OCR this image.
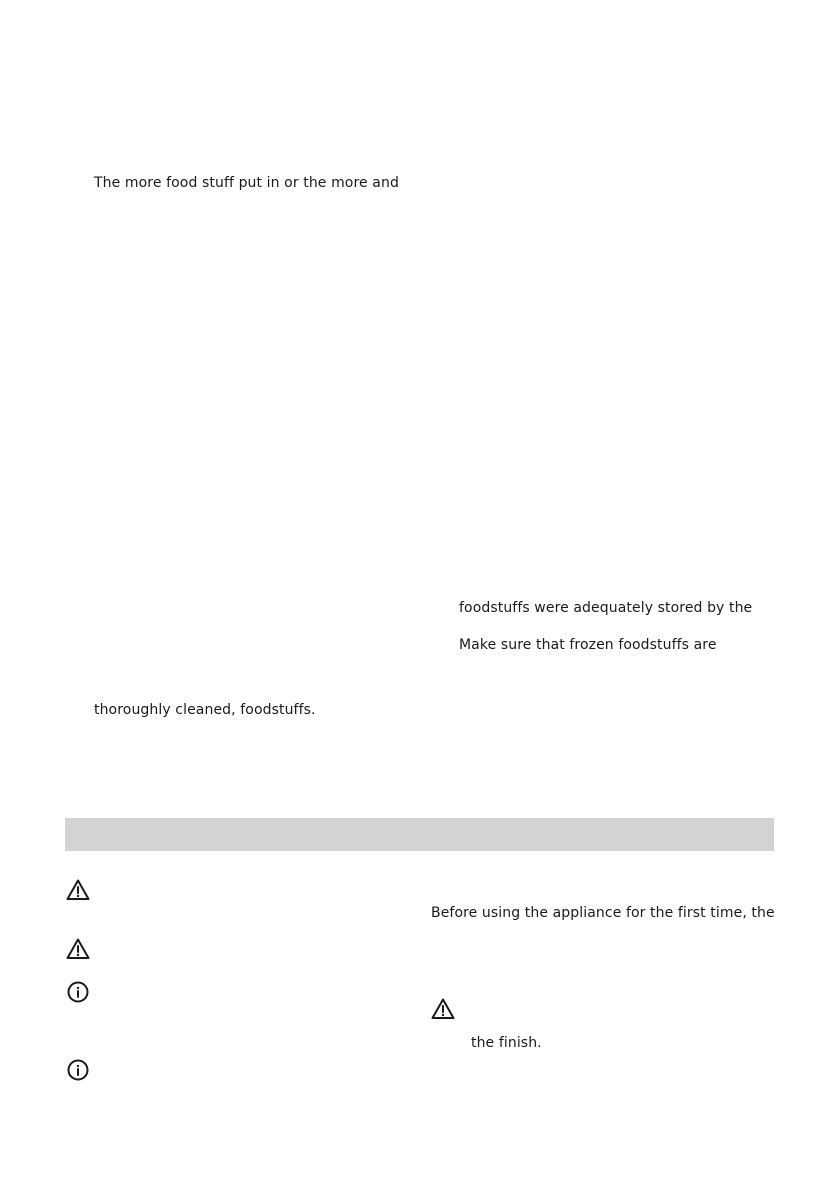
The more food stuff put in or the more and
foodstuffs were adequately stored by the
Make sure that frozen foodstuffs are
thoroughly cleaned, foodstuffs.
Before using the appliance for the first time, the
the finish.
